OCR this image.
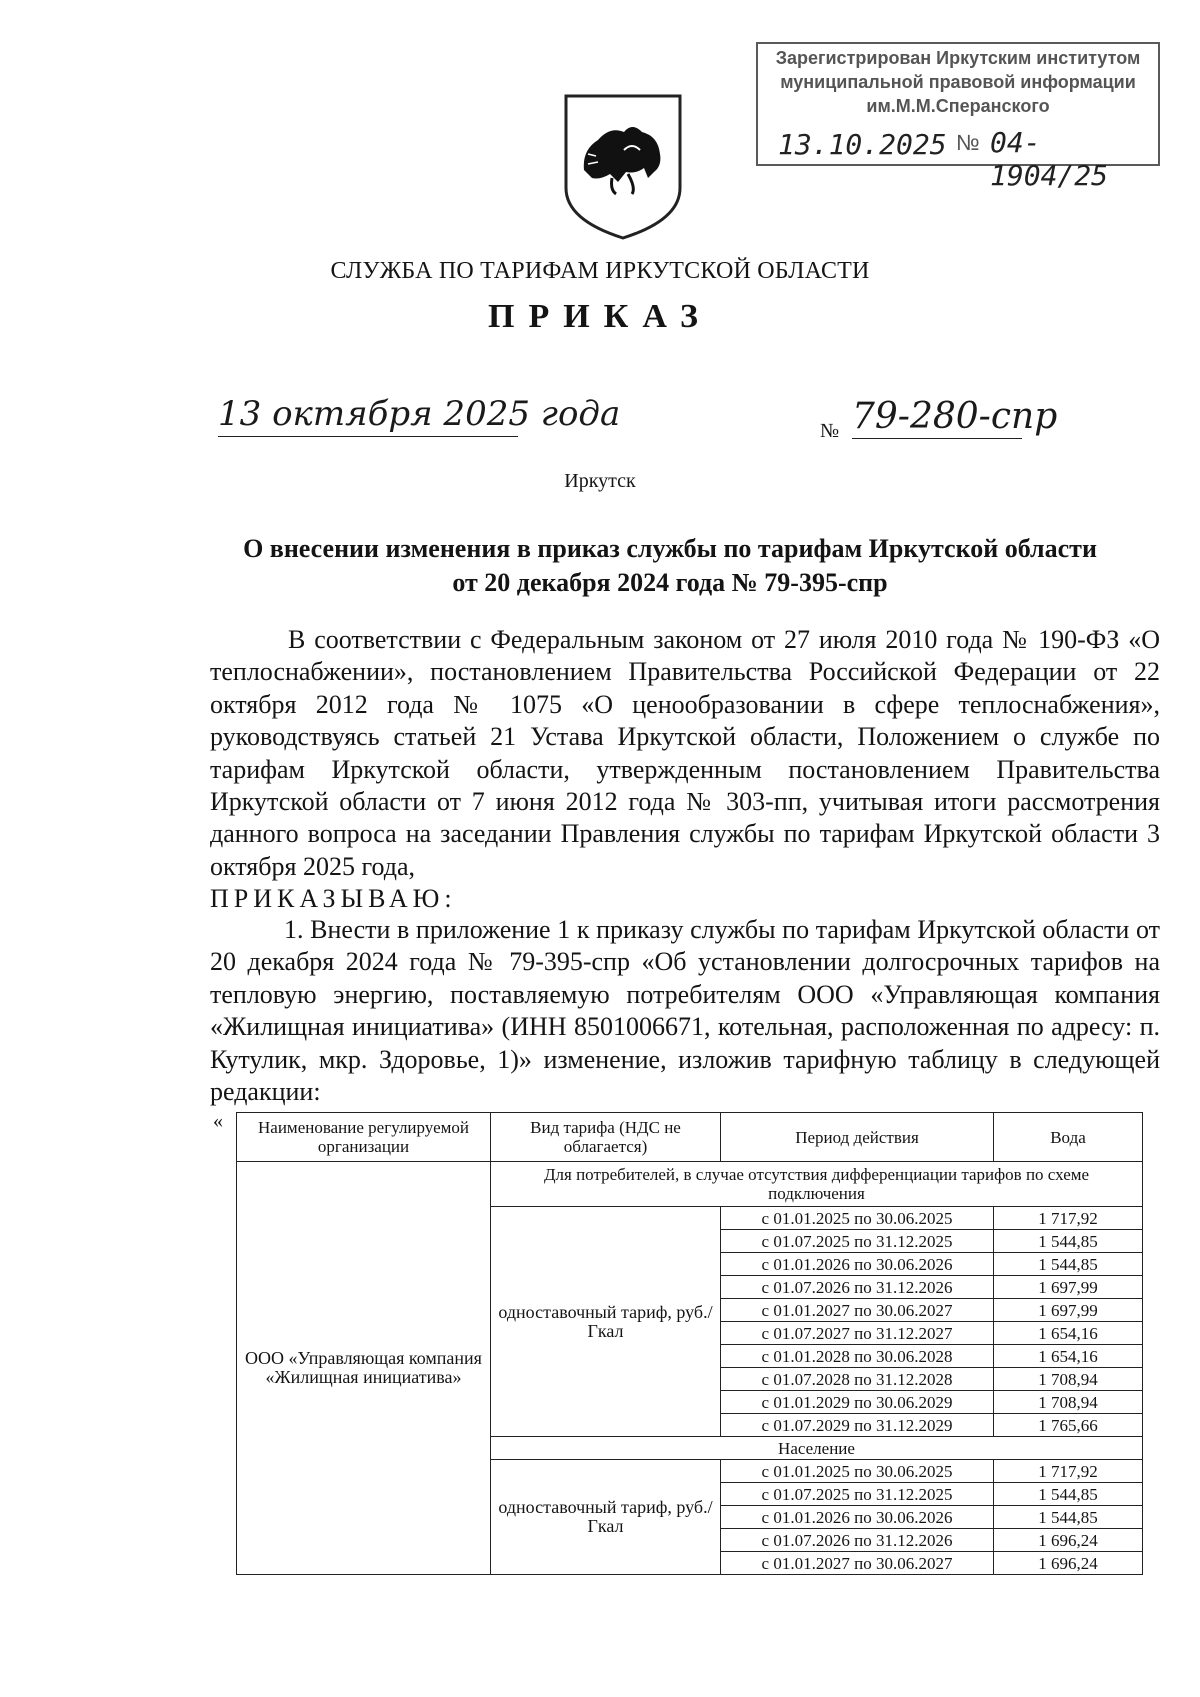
Зарегистрирован Иркутским институтом
муниципальной правовой информации
им.М.М.Сперанского
13.10.2025 № 04-1904/25
СЛУЖБА ПО ТАРИФАМ ИРКУТСКОЙ ОБЛАСТИ
ПРИКАЗ
13 октября 2025 года	№ 79-280-спр
Иркутск
О внесении изменения в приказ службы по тарифам Иркутской области
от 20 декабря 2024 года № 79-395-спр
В соответствии с Федеральным законом от 27 июля 2010 года № 190-ФЗ «О теплоснабжении», постановлением Правительства Российской Федерации от 22 октября 2012 года № 1075 «О ценообразовании в сфере теплоснабжения», руководствуясь статьей 21 Устава Иркутской области, Положением о службе по тарифам Иркутской области, утвержденным постановлением Правительства Иркутской области от 7 июня 2012 года № 303-пп, учитывая итоги рассмотрения данного вопроса на заседании Правления службы по тарифам Иркутской области 3 октября 2025 года,
ПРИКАЗЫВАЮ:
1. Внести в приложение 1 к приказу службы по тарифам Иркутской области от 20 декабря 2024 года № 79-395-спр «Об установлении долгосрочных тарифов на тепловую энергию, поставляемую потребителям ООО «Управляющая компания «Жилищная инициатива» (ИНН 8501006671, котельная, расположенная по адресу: п. Кутулик, мкр. Здоровье, 1)» изменение, изложив тарифную таблицу в следующей редакции:
« Наименование регулируемой организации	Вид тарифа (НДС не облагается)	Период действия	Вода
ООО «Управляющая компания «Жилищная инициатива»	Для потребителей, в случае отсутствия дифференциации тарифов по схеме подключения		
	одноставочный тариф, руб./Гкал	с 01.01.2025 по 30.06.2025	1 717,92
		с 01.07.2025 по 31.12.2025	1 544,85
		с 01.01.2026 по 30.06.2026	1 544,85
		с 01.07.2026 по 31.12.2026	1 697,99
		с 01.01.2027 по 30.06.2027	1 697,99
		с 01.07.2027 по 31.12.2027	1 654,16
		с 01.01.2028 по 30.06.2028	1 654,16
		с 01.07.2028 по 31.12.2028	1 708,94
		с 01.01.2029 по 30.06.2029	1 708,94
		с 01.07.2029 по 31.12.2029	1 765,66
	Население		
	одноставочный тариф, руб./Гкал	с 01.01.2025 по 30.06.2025	1 717,92
		с 01.07.2025 по 31.12.2025	1 544,85
		с 01.01.2026 по 30.06.2026	1 544,85
		с 01.07.2026 по 31.12.2026	1 696,24
		с 01.01.2027 по 30.06.2027	1 696,24
